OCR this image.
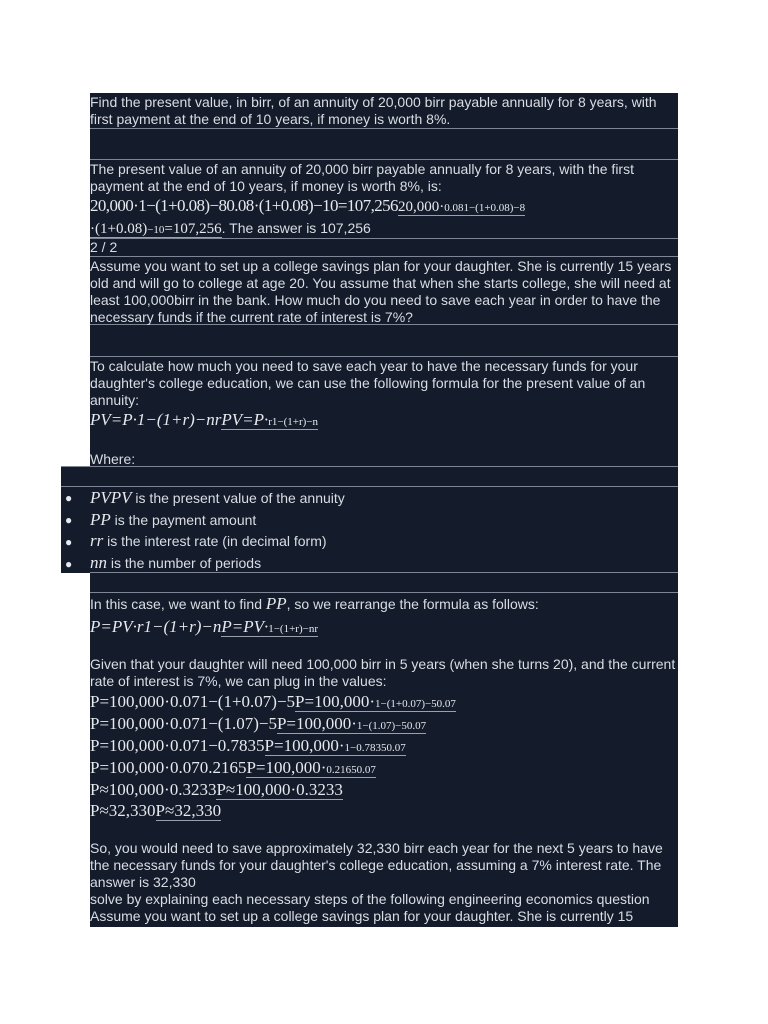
Find the present value, in birr, of an annuity of 20,000 birr payable annually for 8 years, with first payment at the end of 10 years, if money is worth 8%.
The present value of an annuity of 20,000 birr payable annually for 8 years, with the first payment at the end of 10 years, if money is worth 8%, is:
20,000·1−(1+0.08)−80.08·(1+0.08)−10=107,25620,000·0.081−(1+0.08)−8
·(1+0.08)−10=107,256. The answer is 107,256
2 / 2
Assume you want to set up a college savings plan for your daughter. She is currently 15 years old and will go to college at age 20. You assume that when she starts college, she will need at least 100,000birr in the bank. How much do you need to save each year in order to have the necessary funds if the current rate of interest is 7%?
To calculate how much you need to save each year to have the necessary funds for your daughter's college education, we can use the following formula for the present value of an annuity:
PV=P·1−(1+r)−nrPV=P·r1−(1+r)−n
Where:
● PVPV is the present value of the annuity
● PP is the payment amount
● rr is the interest rate (in decimal form)
● nn is the number of periods
In this case, we want to find PP, so we rearrange the formula as follows:
P=PV·r1−(1+r)−nP=PV·1−(1+r)−nr
Given that your daughter will need 100,000 birr in 5 years (when she turns 20), and the current rate of interest is 7%, we can plug in the values:
P=100,000·0.071−(1+0.07)−5P=100,000·1−(1+0.07)−50.07
P=100,000·0.071−(1.07)−5P=100,000·1−(1.07)−50.07
P=100,000·0.071−0.7835P=100,000·1−0.78350.07
P=100,000·0.070.2165P=100,000·0.21650.07
P≈100,000·0.3233P≈100,000·0.3233
P≈32,330P≈32,330
So, you would need to save approximately 32,330 birr each year for the next 5 years to have the necessary funds for your daughter's college education, assuming a 7% interest rate. The answer is 32,330
solve by explaining each necessary steps of the following engineering economics question
Assume you want to set up a college savings plan for your daughter. She is currently 15
